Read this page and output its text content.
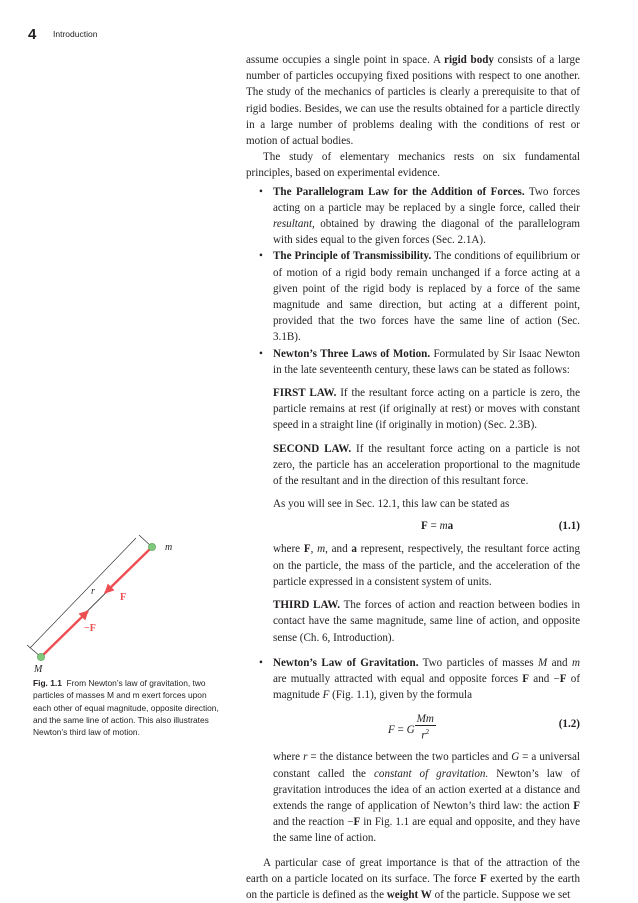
4 Introduction

assume occupies a single point in space. A rigid body consists of a large number of particles occupying fixed positions with respect to one another. The study of the mechanics of particles is clearly a prerequisite to that of rigid bodies. Besides, we can use the results obtained for a particle directly in a large number of problems dealing with the conditions of rest or motion of actual bodies.

The study of elementary mechanics rests on six fundamental principles, based on experimental evidence.

• The Parallelogram Law for the Addition of Forces. Two forces acting on a particle may be replaced by a single force, called their resultant, obtained by drawing the diagonal of the parallelogram with sides equal to the given forces (Sec. 2.1A).
• The Principle of Transmissibility. The conditions of equilibrium or of motion of a rigid body remain unchanged if a force acting at a given point of the rigid body is replaced by a force of the same magnitude and same direction, but acting at a different point, provided that the two forces have the same line of action (Sec. 3.1B).
• Newton’s Three Laws of Motion. Formulated by Sir Isaac Newton in the late seventeenth century, these laws can be stated as follows:

FIRST LAW. If the resultant force acting on a particle is zero, the particle remains at rest (if originally at rest) or moves with constant speed in a straight line (if originally in motion) (Sec. 2.3B).

SECOND LAW. If the resultant force acting on a particle is not zero, the particle has an acceleration proportional to the magnitude of the resultant and in the direction of this resultant force.

As you will see in Sec. 12.1, this law can be stated as

F = ma	(1.1)

where F, m, and a represent, respectively, the resultant force acting on the particle, the mass of the particle, and the acceleration of the particle expressed in a consistent system of units.

THIRD LAW. The forces of action and reaction between bodies in contact have the same magnitude, same line of action, and opposite sense (Ch. 6, Introduction).

• Newton’s Law of Gravitation. Two particles of masses M and m are mutually attracted with equal and opposite forces F and −F of magnitude F (Fig. 1.1), given by the formula
F = G $\frac{Mm}{r^2}$	(1.2)

where r = the distance between the two particles and G = a universal constant called the constant of gravitation. Newton’s law of gravitation introduces the idea of an action exerted at a distance and extends the range of application of Newton’s third law: the action F and the reaction −F in Fig. 1.1 are equal and opposite, and they have the same line of action.

A particular case of great importance is that of the attraction of the earth on a particle located on its surface. The force F exerted by the earth on the particle is defined as the weight W of the particle. Suppose we set

m
M
r
F
−F
Fig. 1.1 From Newton’s law of gravitation, two particles of masses M and m exert forces upon each other of equal magnitude, opposite direction, and the same line of action. This also illustrates Newton’s third law of motion.
